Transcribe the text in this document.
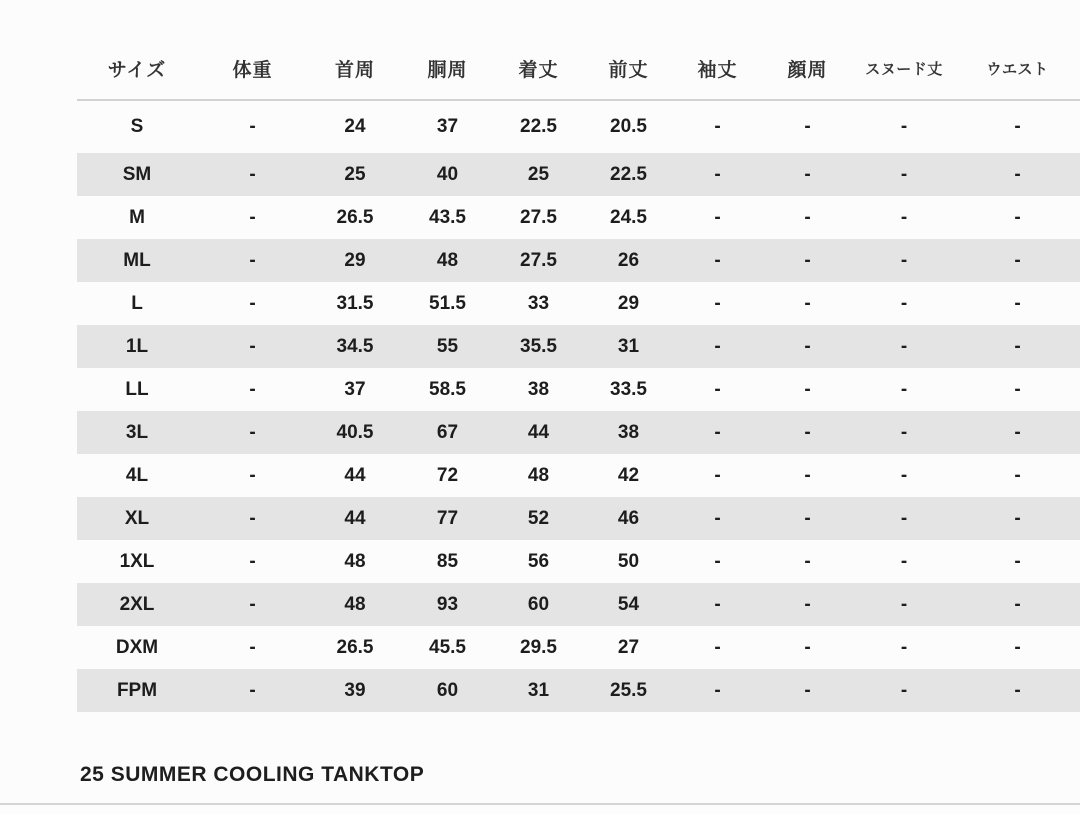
サイズ	体重	首周	胴周	着丈	前丈	袖丈	顔周	スヌード丈	ウエスト
S	-	24	37	22.5	20.5	-	-	-	-
SM	-	25	40	25	22.5	-	-	-	-
M	-	26.5	43.5	27.5	24.5	-	-	-	-
ML	-	29	48	27.5	26	-	-	-	-
L	-	31.5	51.5	33	29	-	-	-	-
1L	-	34.5	55	35.5	31	-	-	-	-
LL	-	37	58.5	38	33.5	-	-	-	-
3L	-	40.5	67	44	38	-	-	-	-
4L	-	44	72	48	42	-	-	-	-
XL	-	44	77	52	46	-	-	-	-
1XL	-	48	85	56	50	-	-	-	-
2XL	-	48	93	60	54	-	-	-	-
DXM	-	26.5	45.5	29.5	27	-	-	-	-
FPM	-	39	60	31	25.5	-	-	-	-
25 SUMMER COOLING TANKTOP
